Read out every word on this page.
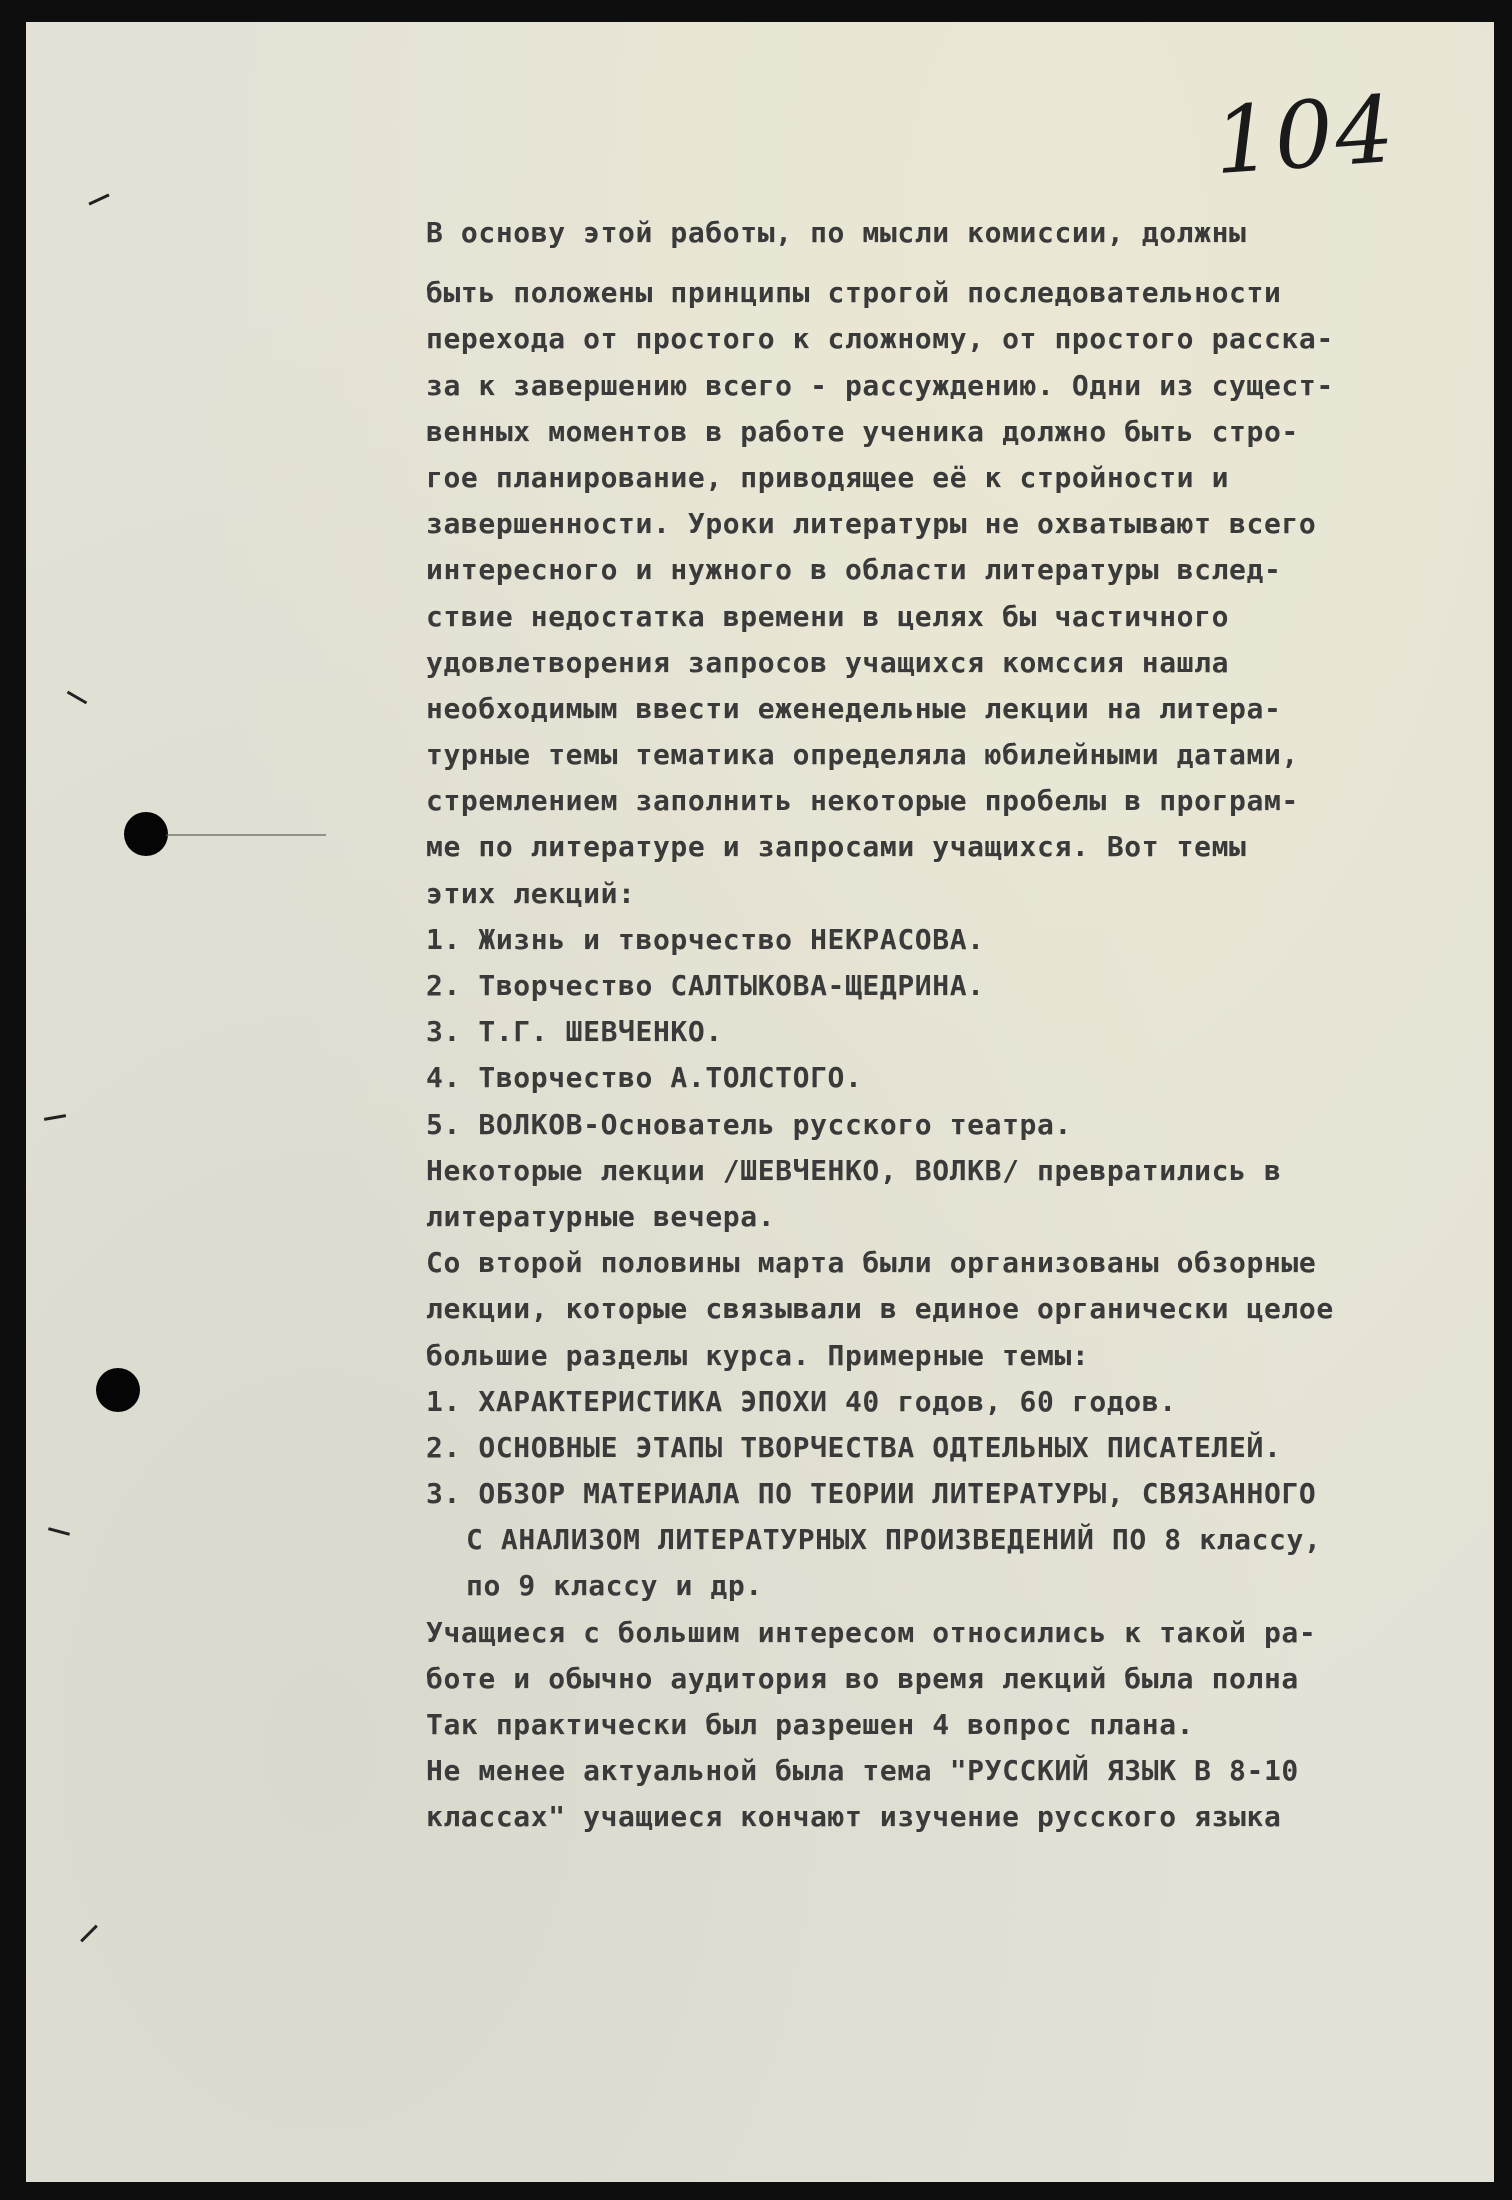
104
В основу этой работы, по мысли комиссии, должны
быть положены принципы строгой последовательности
перехода от простого к сложному, от простого расска-
за к завершению всего - рассуждению. Одни из сущест-
венных моментов в работе ученика должно быть стро-
гое планирование, приводящее её к стройности и
завершенности. Уроки литературы не охватывают всего
интересного и нужного в области литературы вслед-
ствие недостатка времени в целях бы частичного
удовлетворения запросов учащихся комссия нашла
необходимым ввести еженедельные лекции на литера-
турные темы тематика определяла юбилейными датами,
стремлением заполнить некоторые пробелы в програм-
ме по литературе и запросами учащихся. Вот темы
этих лекций:
1. Жизнь и творчество НЕКРАСОВА.
2. Творчество САЛТЫКОВА-ЩЕДРИНА.
3. Т.Г. ШЕВЧЕНКО.
4. Творчество А.ТОЛСТОГО.
5. ВОЛКОВ-Основатель русского театра.
Некоторые лекции /ШЕВЧЕНКО, ВОЛКВ/ превратились в
литературные вечера.
Со второй половины марта были организованы обзорные
лекции, которые связывали в единое органически целое
большие разделы курса. Примерные темы:
1. ХАРАКТЕРИСТИКА ЭПОХИ 40 годов, 60 годов.
2. ОСНОВНЫЕ ЭТАПЫ ТВОРЧЕСТВА ОДТЕЛЬНЫХ ПИСАТЕЛЕЙ.
3. ОБЗОР МАТЕРИАЛА ПО ТЕОРИИ ЛИТЕРАТУРЫ, СВЯЗАННОГО
С АНАЛИЗОМ ЛИТЕРАТУРНЫХ ПРОИЗВЕДЕНИЙ ПО 8 классу,
по 9 классу и др.
Учащиеся с большим интересом относились к такой ра-
боте и обычно аудитория во время лекций была полна
Так практически был разрешен 4 вопрос плана.
Не менее актуальной была тема "РУССКИЙ ЯЗЫК В 8-10
классах" учащиеся кончают изучение русского языка
